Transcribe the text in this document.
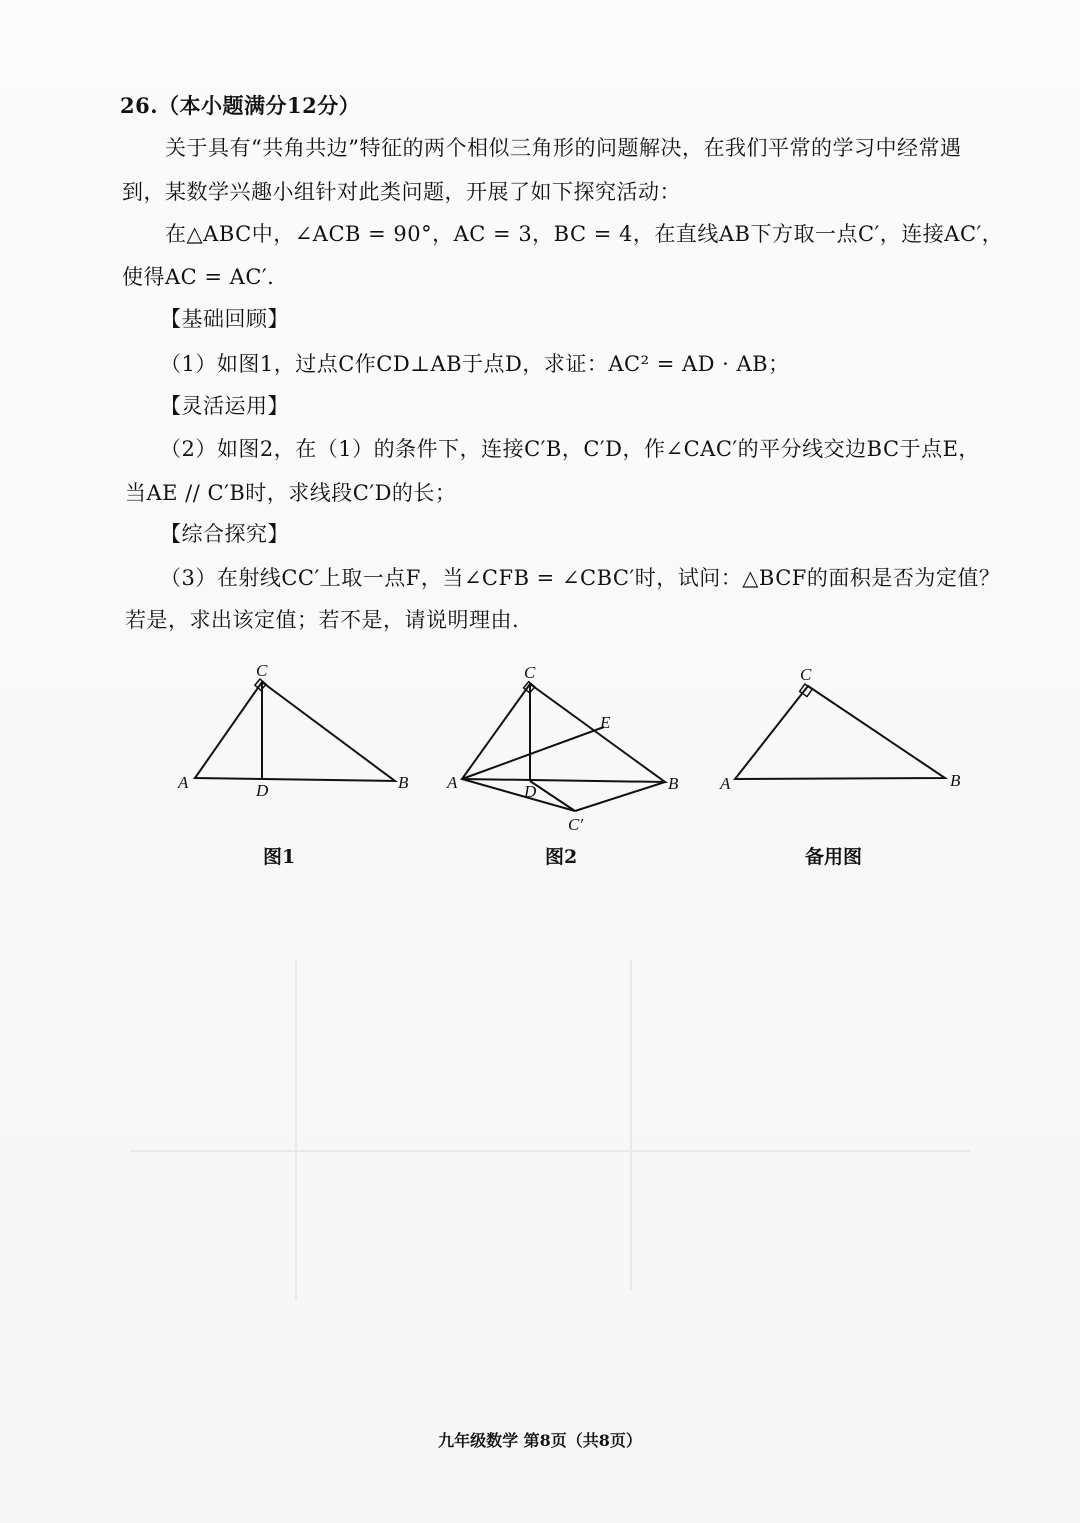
26.（本小题满分12分）
关于具有“共角共边”特征的两个相似三角形的问题解决，在我们平常的学习中经常遇
到，某数学兴趣小组针对此类问题，开展了如下探究活动：
在△ABC中，∠ACB = 90°，AC = 3，BC = 4，在直线AB下方取一点C′，连接AC′，
使得AC = AC′.
【基础回顾】
（1）如图1，过点C作CD⊥AB于点D，求证：AC² = AD · AB；
【灵活运用】
（2）如图2，在（1）的条件下，连接C′B，C′D，作∠CAC′的平分线交边BC于点E，
当AE // C′B时，求线段C′D的长；
【综合探究】
（3）在射线CC′上取一点F，当∠CFB = ∠CBC′时，试问：△BCF的面积是否为定值？
若是，求出该定值；若不是，请说明理由.
C
A	B
D
C
A	B
D
E
C′
C
A	B
图1	图2	备用图
九年级数学 第8页（共8页）
